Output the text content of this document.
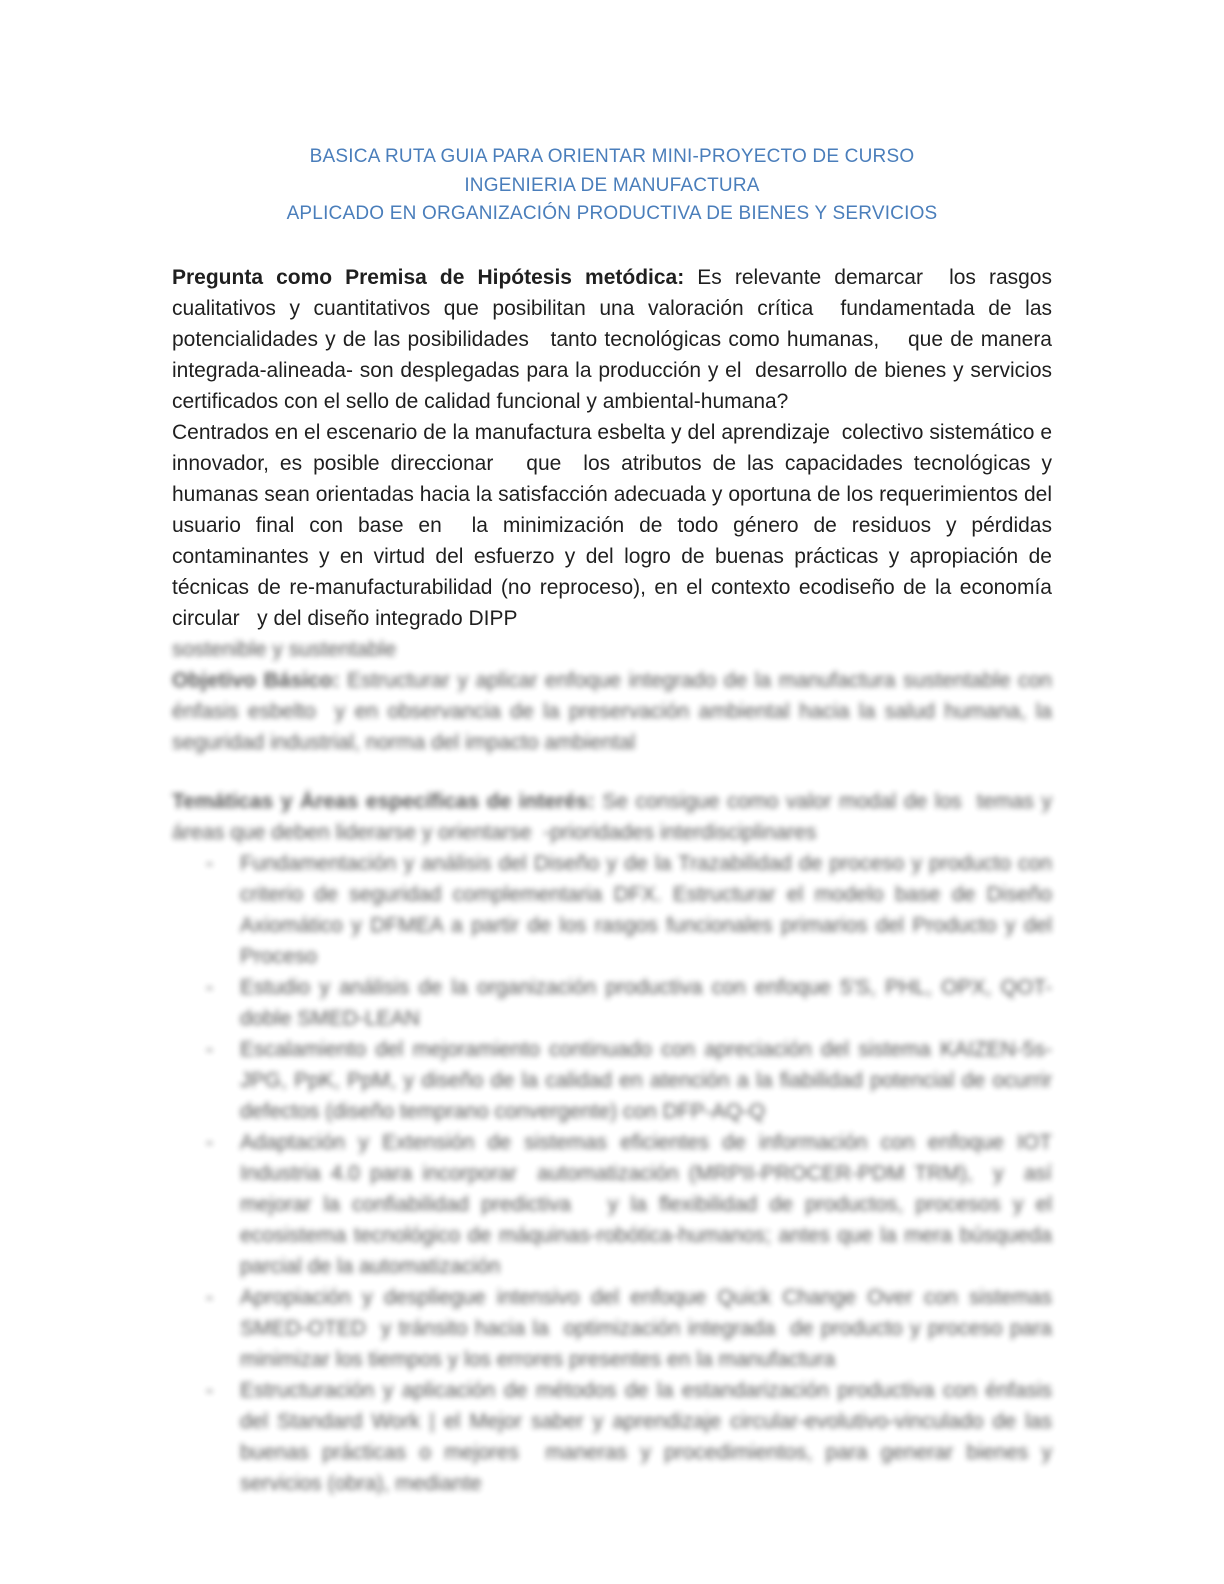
BASICA RUTA GUIA PARA ORIENTAR MINI-PROYECTO DE CURSO
INGENIERIA DE MANUFACTURA
APLICADO EN ORGANIZACIÓN PRODUCTIVA DE BIENES Y SERVICIOS

Pregunta como Premisa de Hipótesis metódica: Es relevante demarcar  los rasgos cualitativos y cuantitativos que posibilitan una valoración crítica  fundamentada de las potencialidades y de las posibilidades   tanto tecnológicas como humanas,    que de manera integrada-alineada- son desplegadas para la producción y el  desarrollo de bienes y servicios certificados con el sello de calidad funcional y ambiental-humana?

Centrados en el escenario de la manufactura esbelta y del aprendizaje  colectivo sistemático e innovador, es posible direccionar   que  los atributos de las capacidades tecnológicas y humanas sean orientadas hacia la satisfacción adecuada y oportuna de los requerimientos del usuario final con base en  la minimización de todo género de residuos y pérdidas contaminantes y en virtud del esfuerzo y del logro de buenas prácticas y apropiación de técnicas de re-manufacturabilidad (no reproceso), en el contexto ecodiseño de la economía circular   y del diseño integrado DIPP

sostenible y sustentable

Objetivo Básico: Estructurar y aplicar enfoque integrado de la manufactura sustentable con énfasis esbelto  y en observancia de la preservación ambiental hacia la salud humana, la seguridad industrial, norma del impacto ambiental

Temáticas y Áreas específicas de interés: Se consigue como valor modal de los  temas y áreas que deben liderarse y orientarse  -prioridades interdisciplinares

- Fundamentación y análisis del Diseño y de la Trazabilidad de proceso y producto con criterio de seguridad complementaria DFX. Estructurar el modelo base de Diseño Axiomático y DFMEA a partir de los rasgos funcionales primarios del Producto y del Proceso
- Estudio y análisis de la organización productiva con enfoque 5'S, PHL, OPX, QOT-doble SMED-LEAN
- Escalamiento del mejoramiento continuado con apreciación del sistema KAIZEN-5s-JPG, PpK, PpM, y diseño de la calidad en atención a la fiabilidad potencial de ocurrir defectos (diseño temprano convergente) con DFP-AQ-Q
- Adaptación y Extensión de sistemas eficientes de información con enfoque IOT Industria 4.0 para incorporar  automatización (MRPII-PROCER-PDM TRM),  y  así mejorar la confiabilidad predictiva   y la flexibilidad de productos, procesos y el ecosistema tecnológico de máquinas-robótica-humanos; antes que la mera búsqueda parcial de la automatización
- Apropiación y despliegue intensivo del enfoque Quick Change Over con sistemas SMED-OTED  y tránsito hacia la  optimización integrada  de producto y proceso para minimizar los tiempos y los errores presentes en la manufactura
- Estructuración y aplicación de métodos de la estandarización productiva con énfasis del Standard Work | el Mejor saber y aprendizaje circular-evolutivo-vinculado de las buenas prácticas o mejores  maneras y procedimientos, para generar bienes y servicios (obra), mediante
